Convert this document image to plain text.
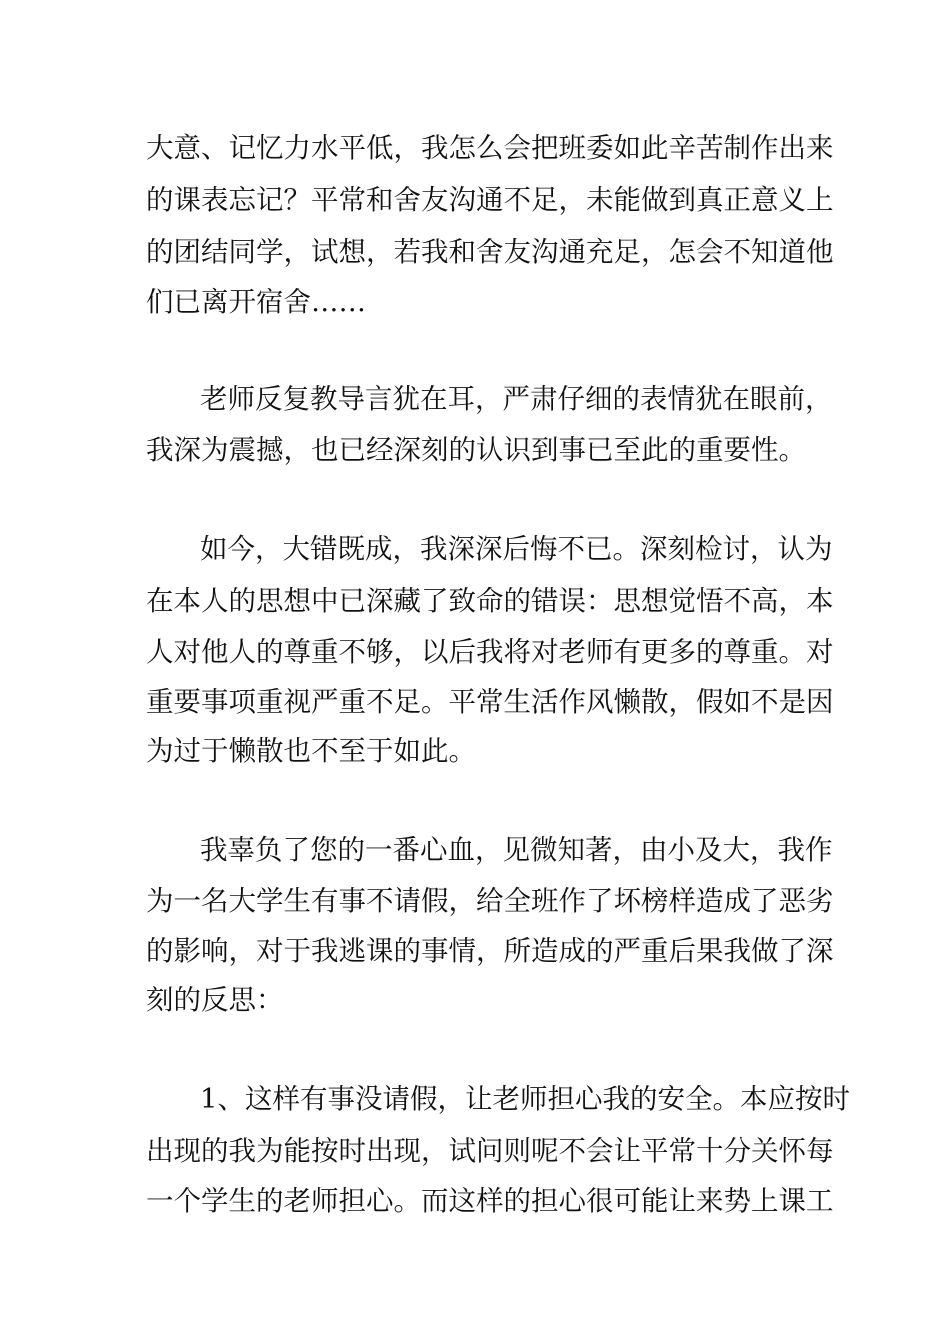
大意、记忆力水平低，我怎么会把班委如此辛苦制作出来
的课表忘记？平常和舍友沟通不足，未能做到真正意义上
的团结同学，试想，若我和舍友沟通充足，怎会不知道他
们已离开宿舍……
老师反复教导言犹在耳，严肃仔细的表情犹在眼前，
我深为震撼，也已经深刻的认识到事已至此的重要性。
如今，大错既成，我深深后悔不已。深刻检讨，认为
在本人的思想中已深藏了致命的错误：思想觉悟不高，本
人对他人的尊重不够，以后我将对老师有更多的尊重。对
重要事项重视严重不足。平常生活作风懒散，假如不是因
为过于懒散也不至于如此。
我辜负了您的一番心血，见微知著，由小及大，我作
为一名大学生有事不请假，给全班作了坏榜样造成了恶劣
的影响，对于我逃课的事情，所造成的严重后果我做了深
刻的反思：
1、这样有事没请假，让老师担心我的安全。本应按时
出现的我为能按时出现，试问则呢不会让平常十分关怀每
一个学生的老师担心。而这样的担心很可能让来势上课工
